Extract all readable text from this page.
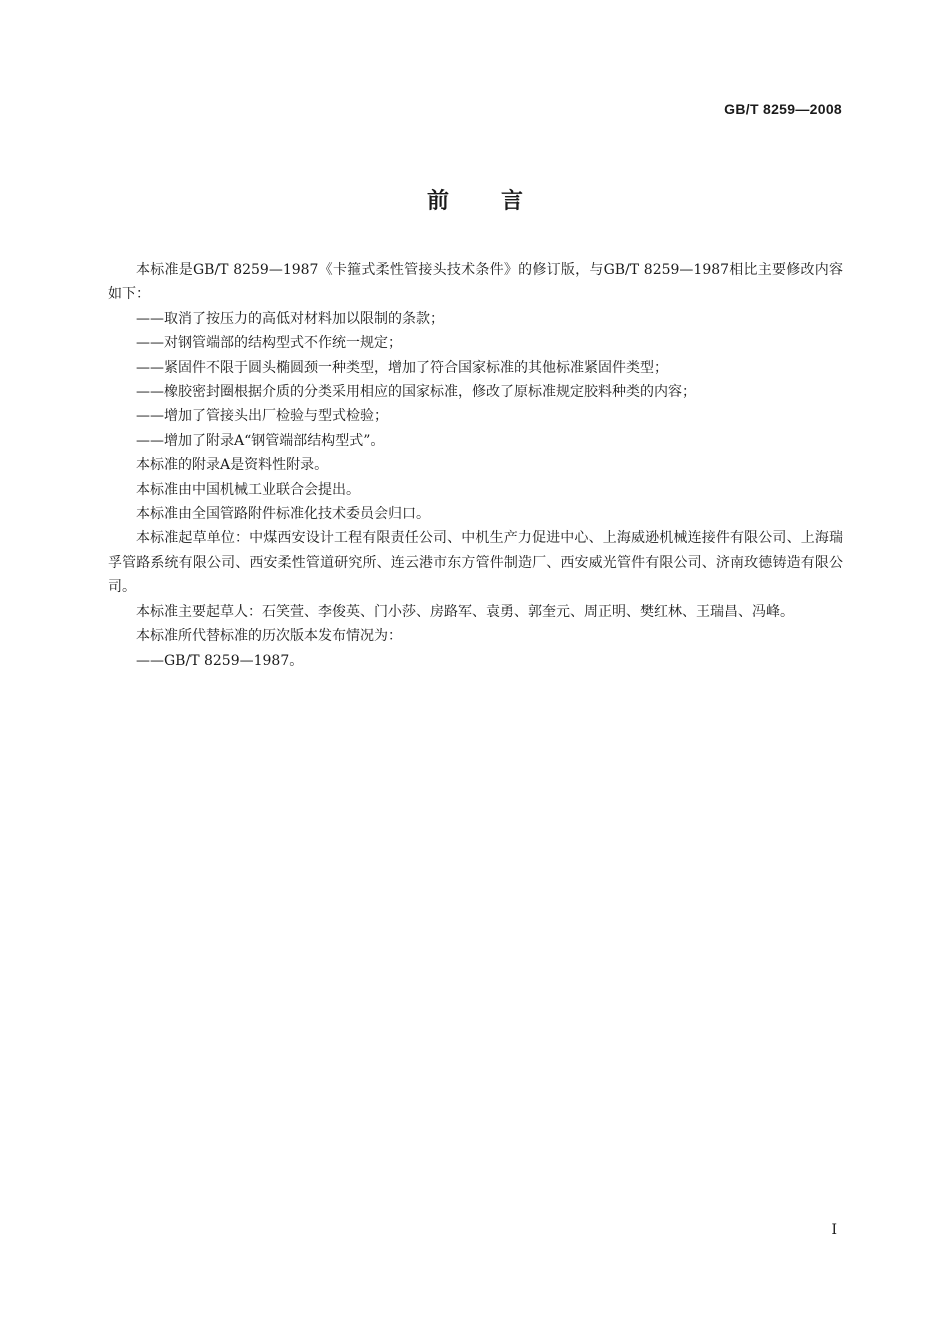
GB/T 8259—2008
前言

本标准是GB/T 8259—1987《卡箍式柔性管接头技术条件》的修订版，与GB/T 8259—1987相比主要修改内容如下：

——取消了按压力的高低对材料加以限制的条款；

——对钢管端部的结构型式不作统一规定；

——紧固件不限于圆头椭圆颈一种类型，增加了符合国家标准的其他标准紧固件类型；

——橡胶密封圈根据介质的分类采用相应的国家标准，修改了原标准规定胶料种类的内容；

——增加了管接头出厂检验与型式检验；

——增加了附录A“钢管端部结构型式”。

本标准的附录A是资料性附录。

本标准由中国机械工业联合会提出。

本标准由全国管路附件标准化技术委员会归口。

本标准起草单位：中煤西安设计工程有限责任公司、中机生产力促进中心、上海威逊机械连接件有限公司、上海瑞孚管路系统有限公司、西安柔性管道研究所、连云港市东方管件制造厂、西安威光管件有限公司、济南玫德铸造有限公司。

本标准主要起草人：石笑萱、李俊英、门小莎、房路军、袁勇、郭奎元、周正明、樊红林、王瑞昌、冯峰。

本标准所代替标准的历次版本发布情况为：

——GB/T 8259—1987。

I
